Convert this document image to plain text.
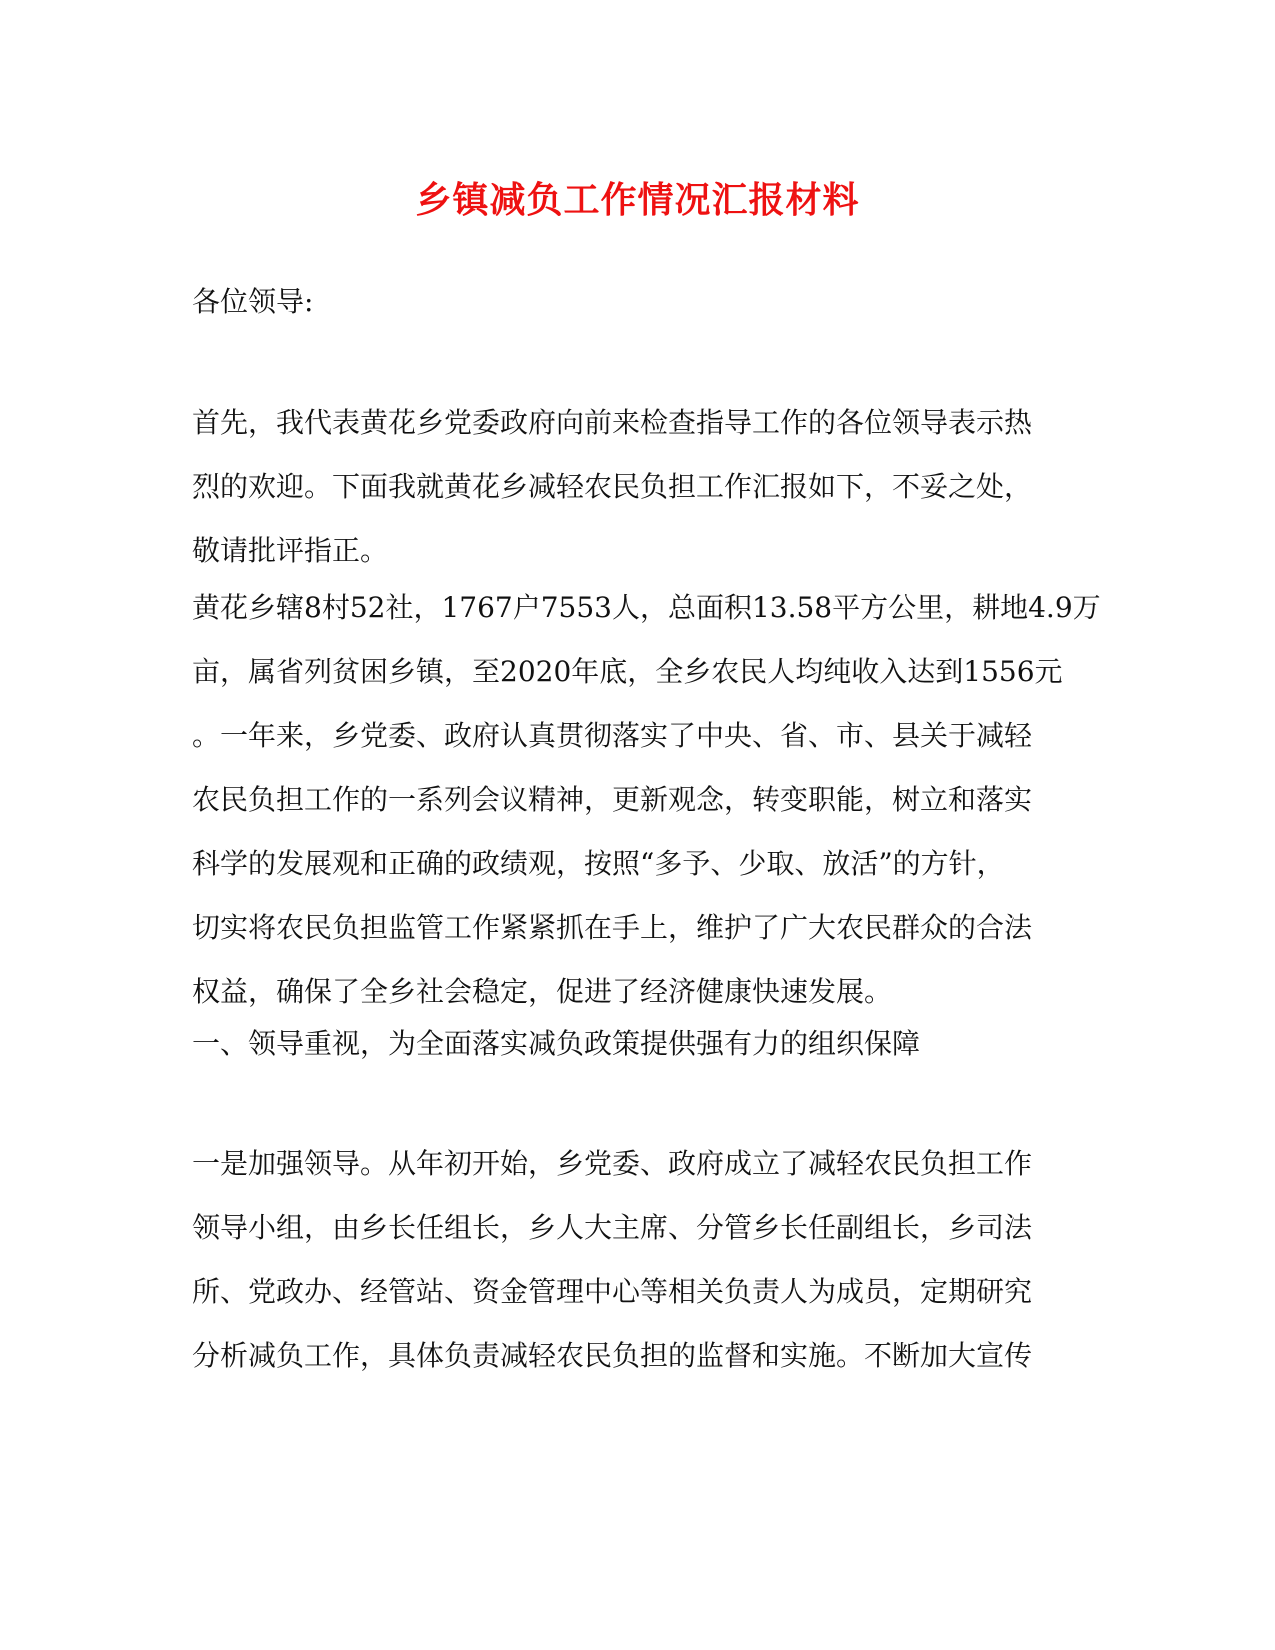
乡镇减负工作情况汇报材料
各位领导:
首先，我代表黄花乡党委政府向前来检查指导工作的各位领导表示热
烈的欢迎。下面我就黄花乡减轻农民负担工作汇报如下，不妥之处，
敬请批评指正。
黄花乡辖8村52社，1767户7553人，总面积13.58平方公里，耕地4.9万
亩，属省列贫困乡镇，至2020年底，全乡农民人均纯收入达到1556元
。一年来，乡党委、政府认真贯彻落实了中央、省、市、县关于减轻
农民负担工作的一系列会议精神，更新观念，转变职能，树立和落实
科学的发展观和正确的政绩观，按照“多予、少取、放活”的方针，
切实将农民负担监管工作紧紧抓在手上，维护了广大农民群众的合法
权益，确保了全乡社会稳定，促进了经济健康快速发展。
一、领导重视，为全面落实减负政策提供强有力的组织保障
一是加强领导。从年初开始，乡党委、政府成立了减轻农民负担工作
领导小组，由乡长任组长，乡人大主席、分管乡长任副组长，乡司法
所、党政办、经管站、资金管理中心等相关负责人为成员，定期研究
分析减负工作，具体负责减轻农民负担的监督和实施。不断加大宣传
